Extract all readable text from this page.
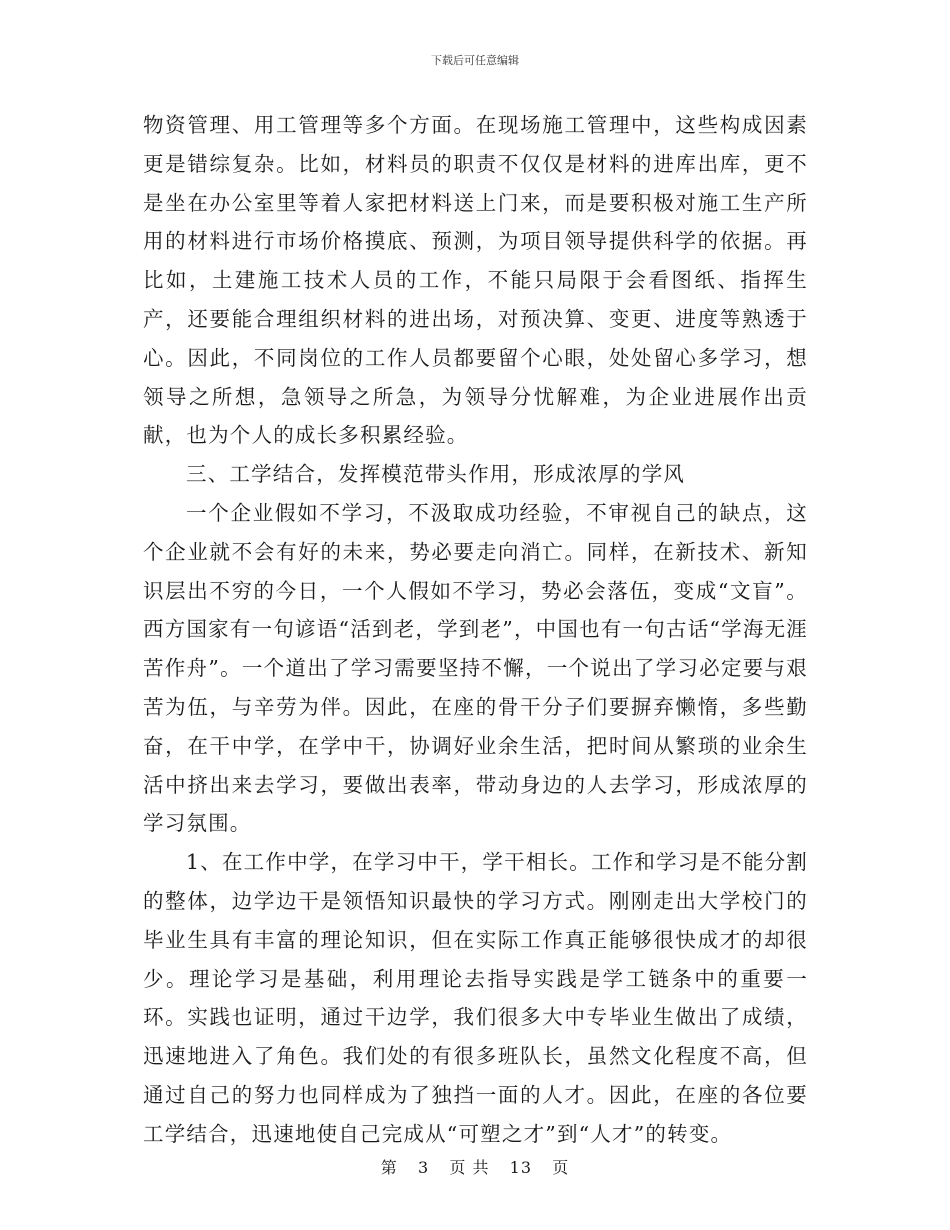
下载后可任意编辑

物资管理、用工管理等多个方面。在现场施工管理中，这些构成因素更是错综复杂。比如，材料员的职责不仅仅是材料的进库出库，更不是坐在办公室里等着人家把材料送上门来，而是要积极对施工生产所用的材料进行市场价格摸底、预测，为项目领导提供科学的依据。再比如，土建施工技术人员的工作，不能只局限于会看图纸、指挥生产，还要能合理组织材料的进出场，对预决算、变更、进度等熟透于心。因此，不同岗位的工作人员都要留个心眼，处处留心多学习，想领导之所想，急领导之所急，为领导分忧解难，为企业进展作出贡献，也为个人的成长多积累经验。

三、工学结合，发挥模范带头作用，形成浓厚的学风

一个企业假如不学习，不汲取成功经验，不审视自己的缺点，这个企业就不会有好的未来，势必要走向消亡。同样，在新技术、新知识层出不穷的今日，一个人假如不学习，势必会落伍，变成“文盲”。西方国家有一句谚语“活到老，学到老”，中国也有一句古话“学海无涯苦作舟”。一个道出了学习需要坚持不懈，一个说出了学习必定要与艰苦为伍，与辛劳为伴。因此，在座的骨干分子们要摒弃懒惰，多些勤奋，在干中学，在学中干，协调好业余生活，把时间从繁琐的业余生活中挤出来去学习，要做出表率，带动身边的人去学习，形成浓厚的学习氛围。

1、在工作中学，在学习中干，学干相长。工作和学习是不能分割的整体，边学边干是领悟知识最快的学习方式。刚刚走出大学校门的毕业生具有丰富的理论知识，但在实际工作真正能够很快成才的却很少。理论学习是基础，利用理论去指导实践是学工链条中的重要一环。实践也证明，通过干边学，我们很多大中专毕业生做出了成绩，迅速地进入了角色。我们处的有很多班队长，虽然文化程度不高，但通过自己的努力也同样成为了独挡一面的人才。因此，在座的各位要工学结合，迅速地使自己完成从“可塑之才”到“人才”的转变。

第 3 页 共 13 页
